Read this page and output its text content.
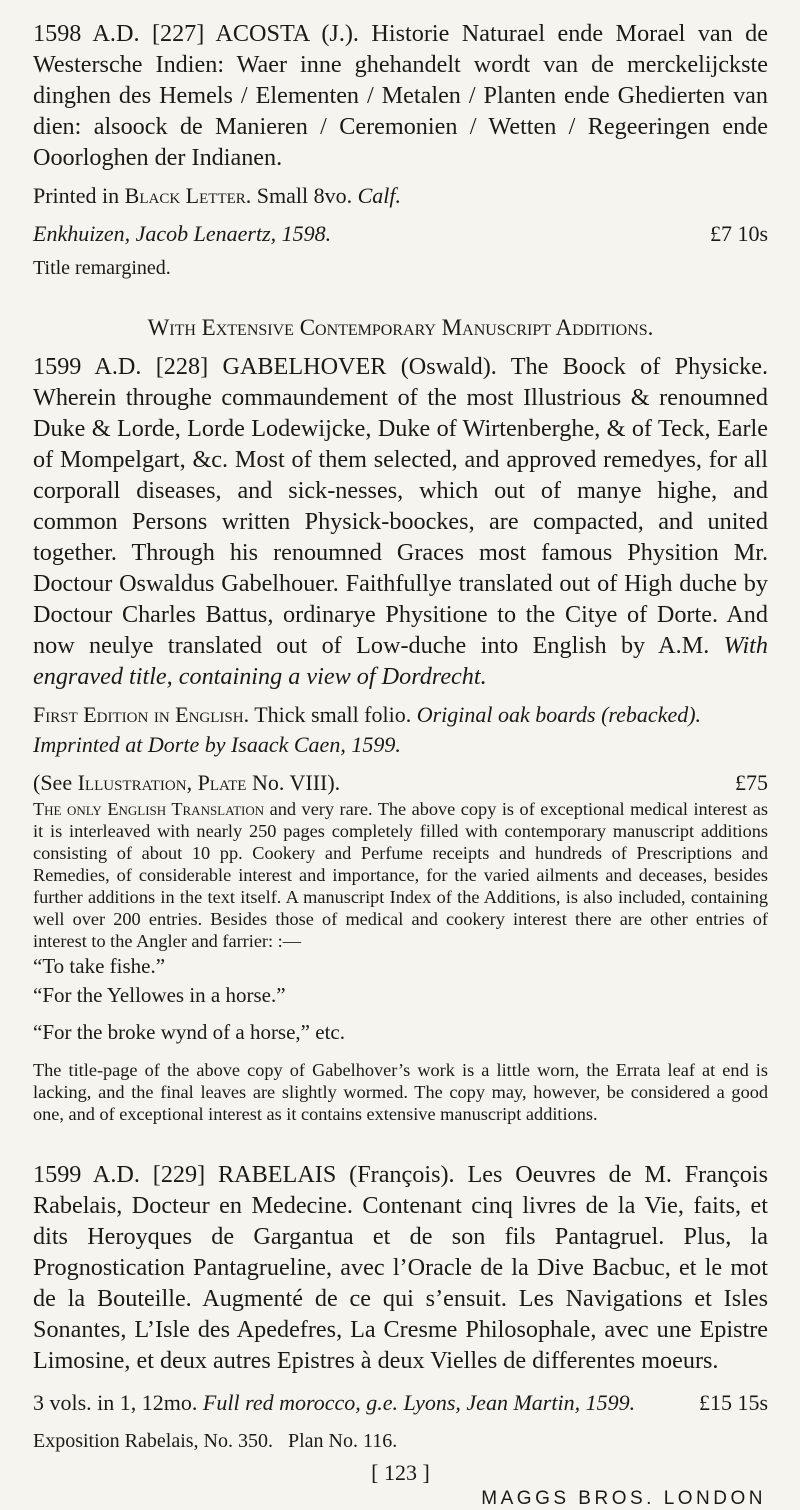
1598 A.D. [227] ACOSTA (J.). Historie Naturael ende Morael van de Westersche Indien: Waer inne ghehandelt wordt van de merckelijckste dinghen des Hemels / Elementen / Metalen / Planten ende Ghedierten van dien: alsoock de Manieren / Ceremonien / Wetten / Regeeringen ende Ooorloghen der Indianen.

Printed in Black Letter. Small 8vo. Calf.

Enkhuizen, Jacob Lenaertz, 1598.	£7 10s

Title remargined.

With Extensive Contemporary Manuscript Additions.

1599 A.D. [228] GABELHOVER (Oswald). The Boock of Physicke. Wherein throughe commaundement of the most Illustrious & renoumned Duke & Lorde, Lorde Lodewijcke, Duke of Wirtenberghe, & of Teck, Earle of Mompelgart, &c. Most of them selected, and approved remedyes, for all corporall diseases, and sick-nesses, which out of manye highe, and common Persons written Physick-boockes, are compacted, and united together. Through his renoumned Graces most famous Physition Mr. Doctour Oswaldus Gabelhouer. Faithfullye translated out of High duche by Doctour Charles Battus, ordinarye Physitione to the Citye of Dorte. And now neulye translated out of Low-duche into English by A.M. With engraved title, containing a view of Dordrecht.

First Edition in English. Thick small folio. Original oak boards (rebacked).

Imprinted at Dorte by Isaack Caen, 1599.

(See Illustration, Plate No. VIII).	£75

The only English Translation and very rare. The above copy is of exceptional medical interest as it is interleaved with nearly 250 pages completely filled with contemporary manuscript additions consisting of about 10 pp. Cookery and Perfume receipts and hundreds of Prescriptions and Remedies, of considerable interest and importance, for the varied ailments and deceases, besides further additions in the text itself. A manuscript Index of the Additions, is also included, containing well over 200 entries. Besides those of medical and cookery interest there are other entries of interest to the Angler and farrier: :—

“To take fishe.”

“For the Yellowes in a horse.”

“For the broke wynd of a horse,” etc.

The title-page of the above copy of Gabelhover’s work is a little worn, the Errata leaf at end is lacking, and the final leaves are slightly wormed. The copy may, however, be considered a good one, and of exceptional interest as it contains extensive manuscript additions.

1599 A.D. [229] RABELAIS (François). Les Oeuvres de M. François Rabelais, Docteur en Medecine. Contenant cinq livres de la Vie, faits, et dits Heroyques de Gargantua et de son fils Pantagruel. Plus, la Prognostication Pantagrueline, avec l’Oracle de la Dive Bacbuc, et le mot de la Bouteille. Augmenté de ce qui s’ensuit. Les Navigations et Isles Sonantes, L’Isle des Apedefres, La Cresme Philosophale, avec une Epistre Limosine, et deux autres Epistres à deux Vielles de differentes moeurs.

3 vols. in 1, 12mo. Full red morocco, g.e. Lyons, Jean Martin, 1599.	£15 15s

Exposition Rabelais, No. 350.   Plan No. 116.

[ 123 ]
MAGGS BROS. LONDON
